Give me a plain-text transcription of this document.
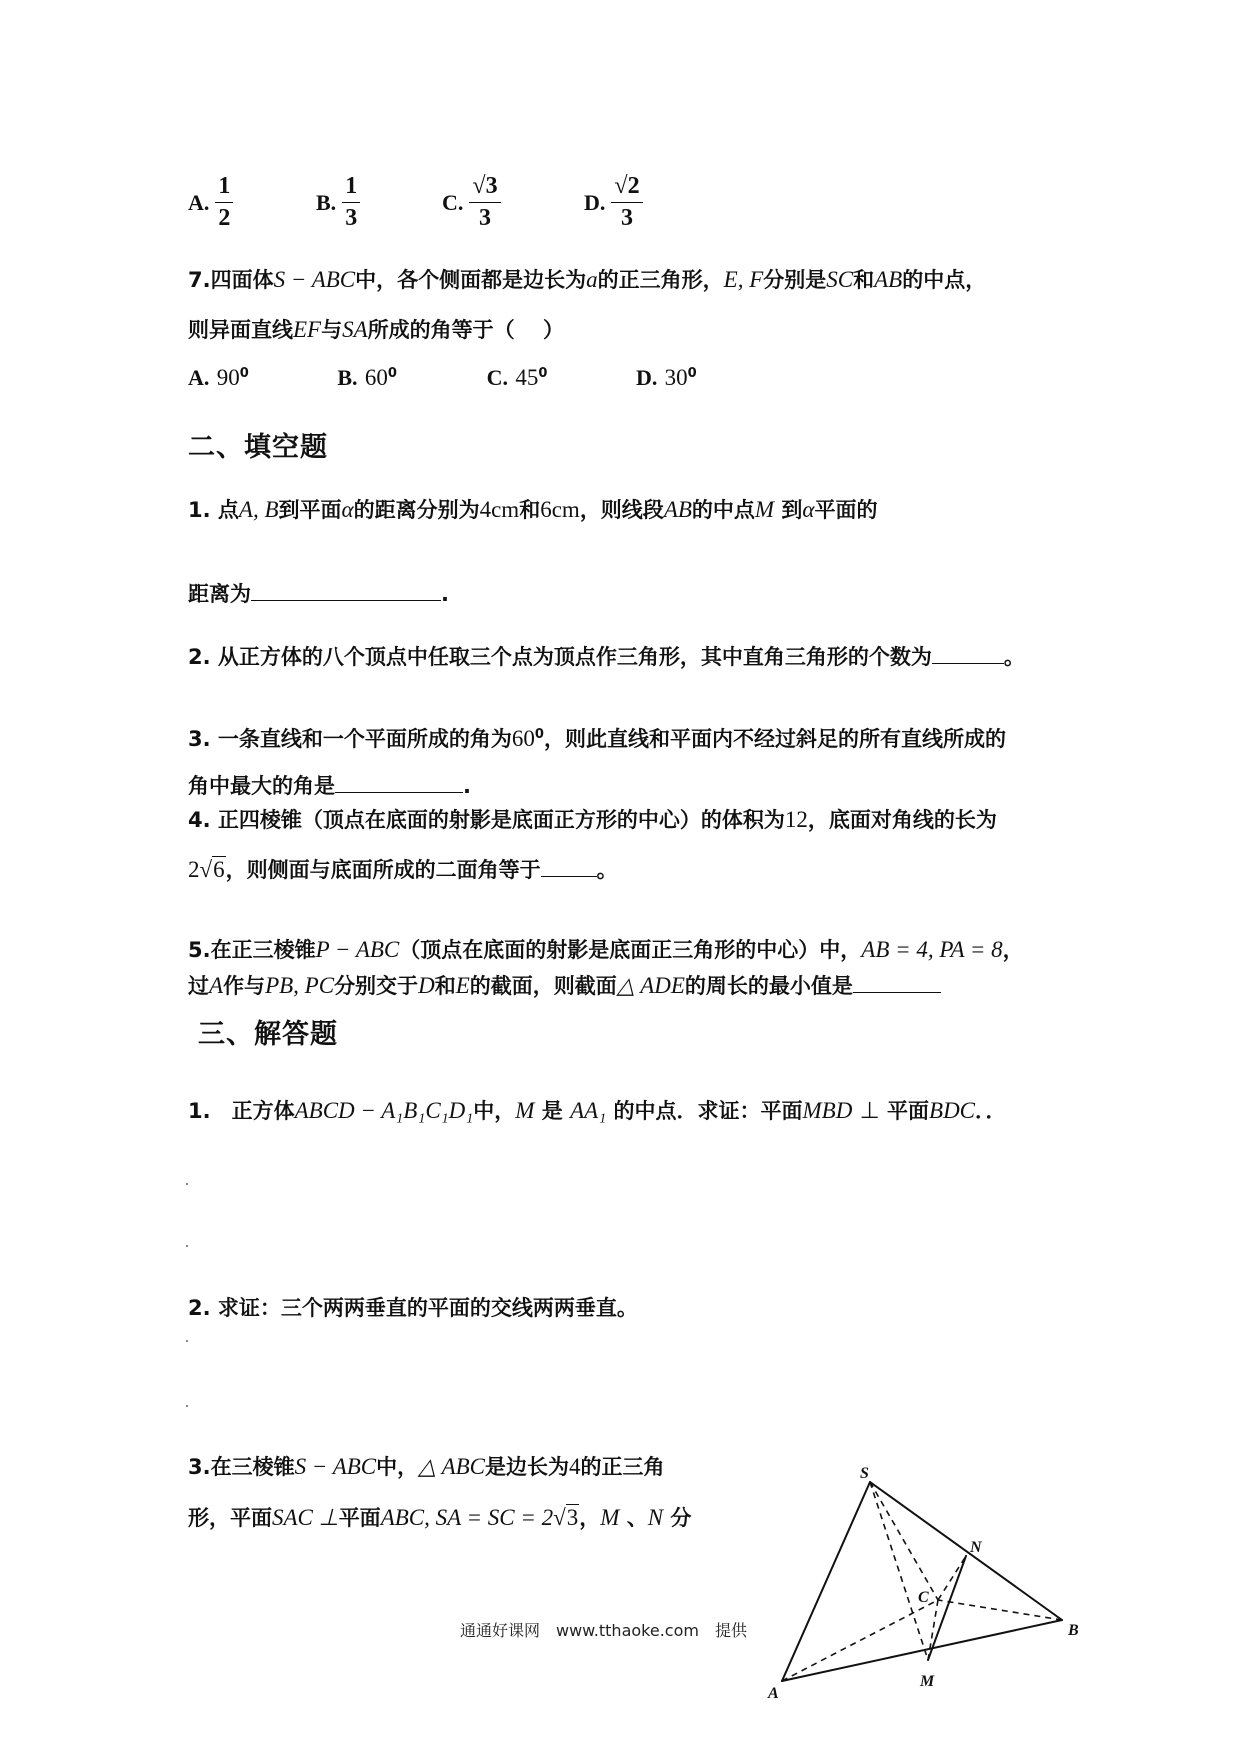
A. $\frac{1}{2}$	B. $\frac{1}{3}$	C. $\frac{√3}{3}$	D. $\frac{√2}{3}$
7.四面体S − ABC中，各个侧面都是边长为a的正三角形，E, F分别是SC和AB的中点，
则异面直线EF与SA所成的角等于（　 ）
A. $90^0$	B. $60^0$	C. $45^0$	D. $30^0$
二、填空题
1. 点A, B到平面α的距离分别为4cm和6cm，则线段AB的中点M 到α平面的
距离为	.
2. 从正方体的八个顶点中任取三个点为顶点作三角形，其中直角三角形的个数为	。
3. 一条直线和一个平面所成的角为$60^0$，则此直线和平面内不经过斜足的所有直线所成的
角中最大的角是	.
4. 正四棱锥（顶点在底面的射影是底面正方形的中心）的体积为12，底面对角线的长为
2√6，则侧面与底面所成的二面角等于	。
5.在正三棱锥P − ABC（顶点在底面的射影是底面正三角形的中心）中，AB = 4, PA = 8，
过A作与PB, PC分别交于D和E的截面，则截面△ ADE的周长的最小值是
三、解答题
1.　 正方体ABCD − A₁B₁C₁D₁中，M 是 AA₁ 的中点．求证：平面MBD ⊥ 平面BDC．．
2. 求证：三个两两垂直的平面的交线两两垂直。
3.在三棱锥S − ABC中，△ ABC是边长为4的正三角
形，平面SAC ⊥平面ABC, SA = SC = 2√3，M 、N 分
通通好课网　www.tthaoke.com　提供
S
A
B
C
M
N
